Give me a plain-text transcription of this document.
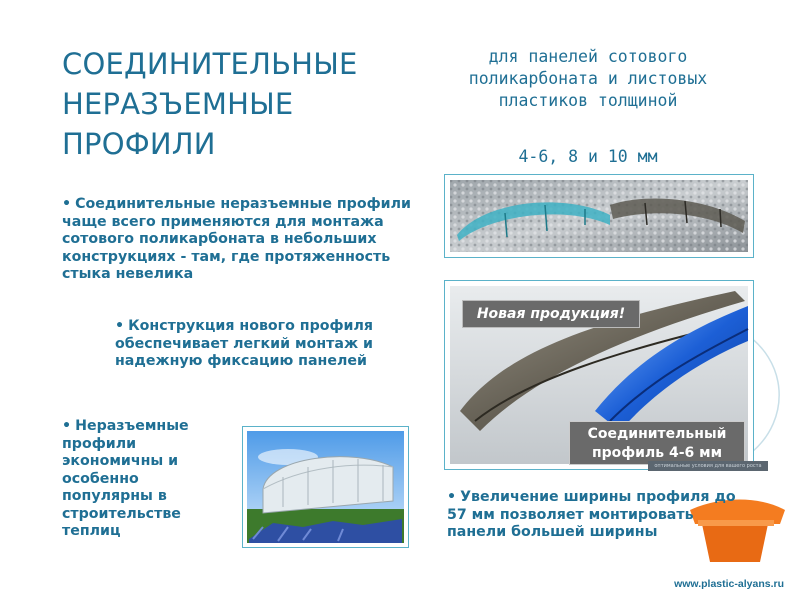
СОЕДИНИТЕЛЬНЫЕ
НЕРАЗЪЕМНЫЕ
ПРОФИЛИ
для панелей сотового
поликарбоната и листовых
пластиков толщиной
4-6, 8 и 10 мм
• Соединительные неразъемные профили чаще всего применяются для монтажа сотового поликарбоната в небольших конструкциях - там, где протяженность стыка невелика
• Конструкция нового профиля обеспечивает легкий монтаж и надежную фиксацию панелей
• Неразъемные профили экономичны и особенно популярны в строительстве теплиц
• Увеличение ширины профиля до 57 мм позволяет монтировать панели большей ширины
Новая продукция!
Соединительный
профиль 4-6 мм
оптимальные условия для вашего роста
www.plastic-alyans.ru
